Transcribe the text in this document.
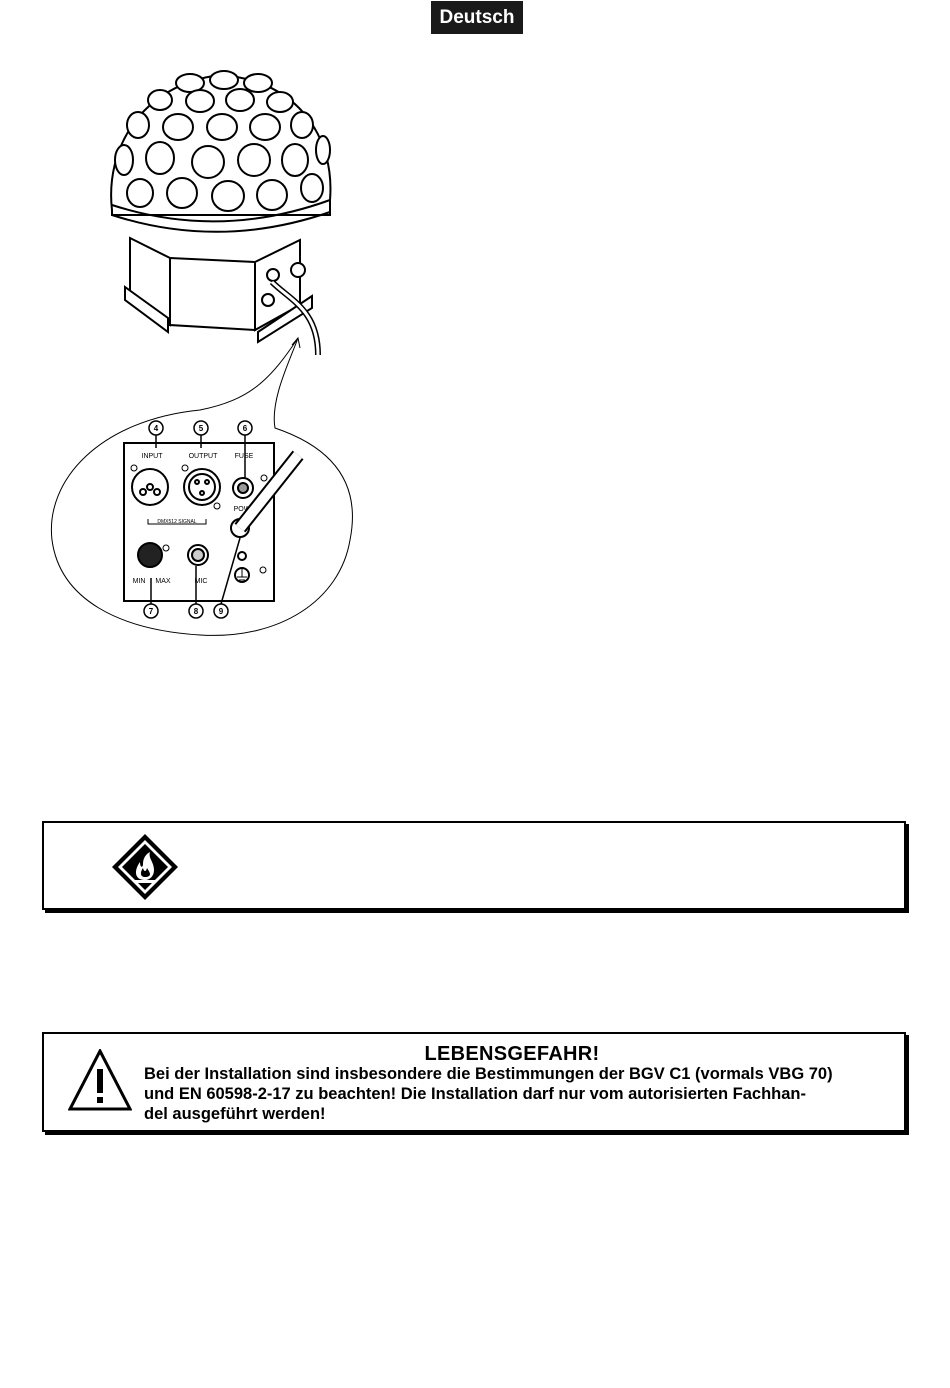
Deutsch
4	5	6
7	8	9
INPUT	OUTPUT FUSE
DMX512 SIGNAL
MIN MAX	MIC
POW
LEBENSGEFAHR!
Bei der Installation sind insbesondere die Bestimmungen der BGV C1 (vormals VBG 70)
und EN 60598-2-17 zu beachten! Die Installation darf nur vom autorisierten Fachhan-
del ausgeführt werden!
